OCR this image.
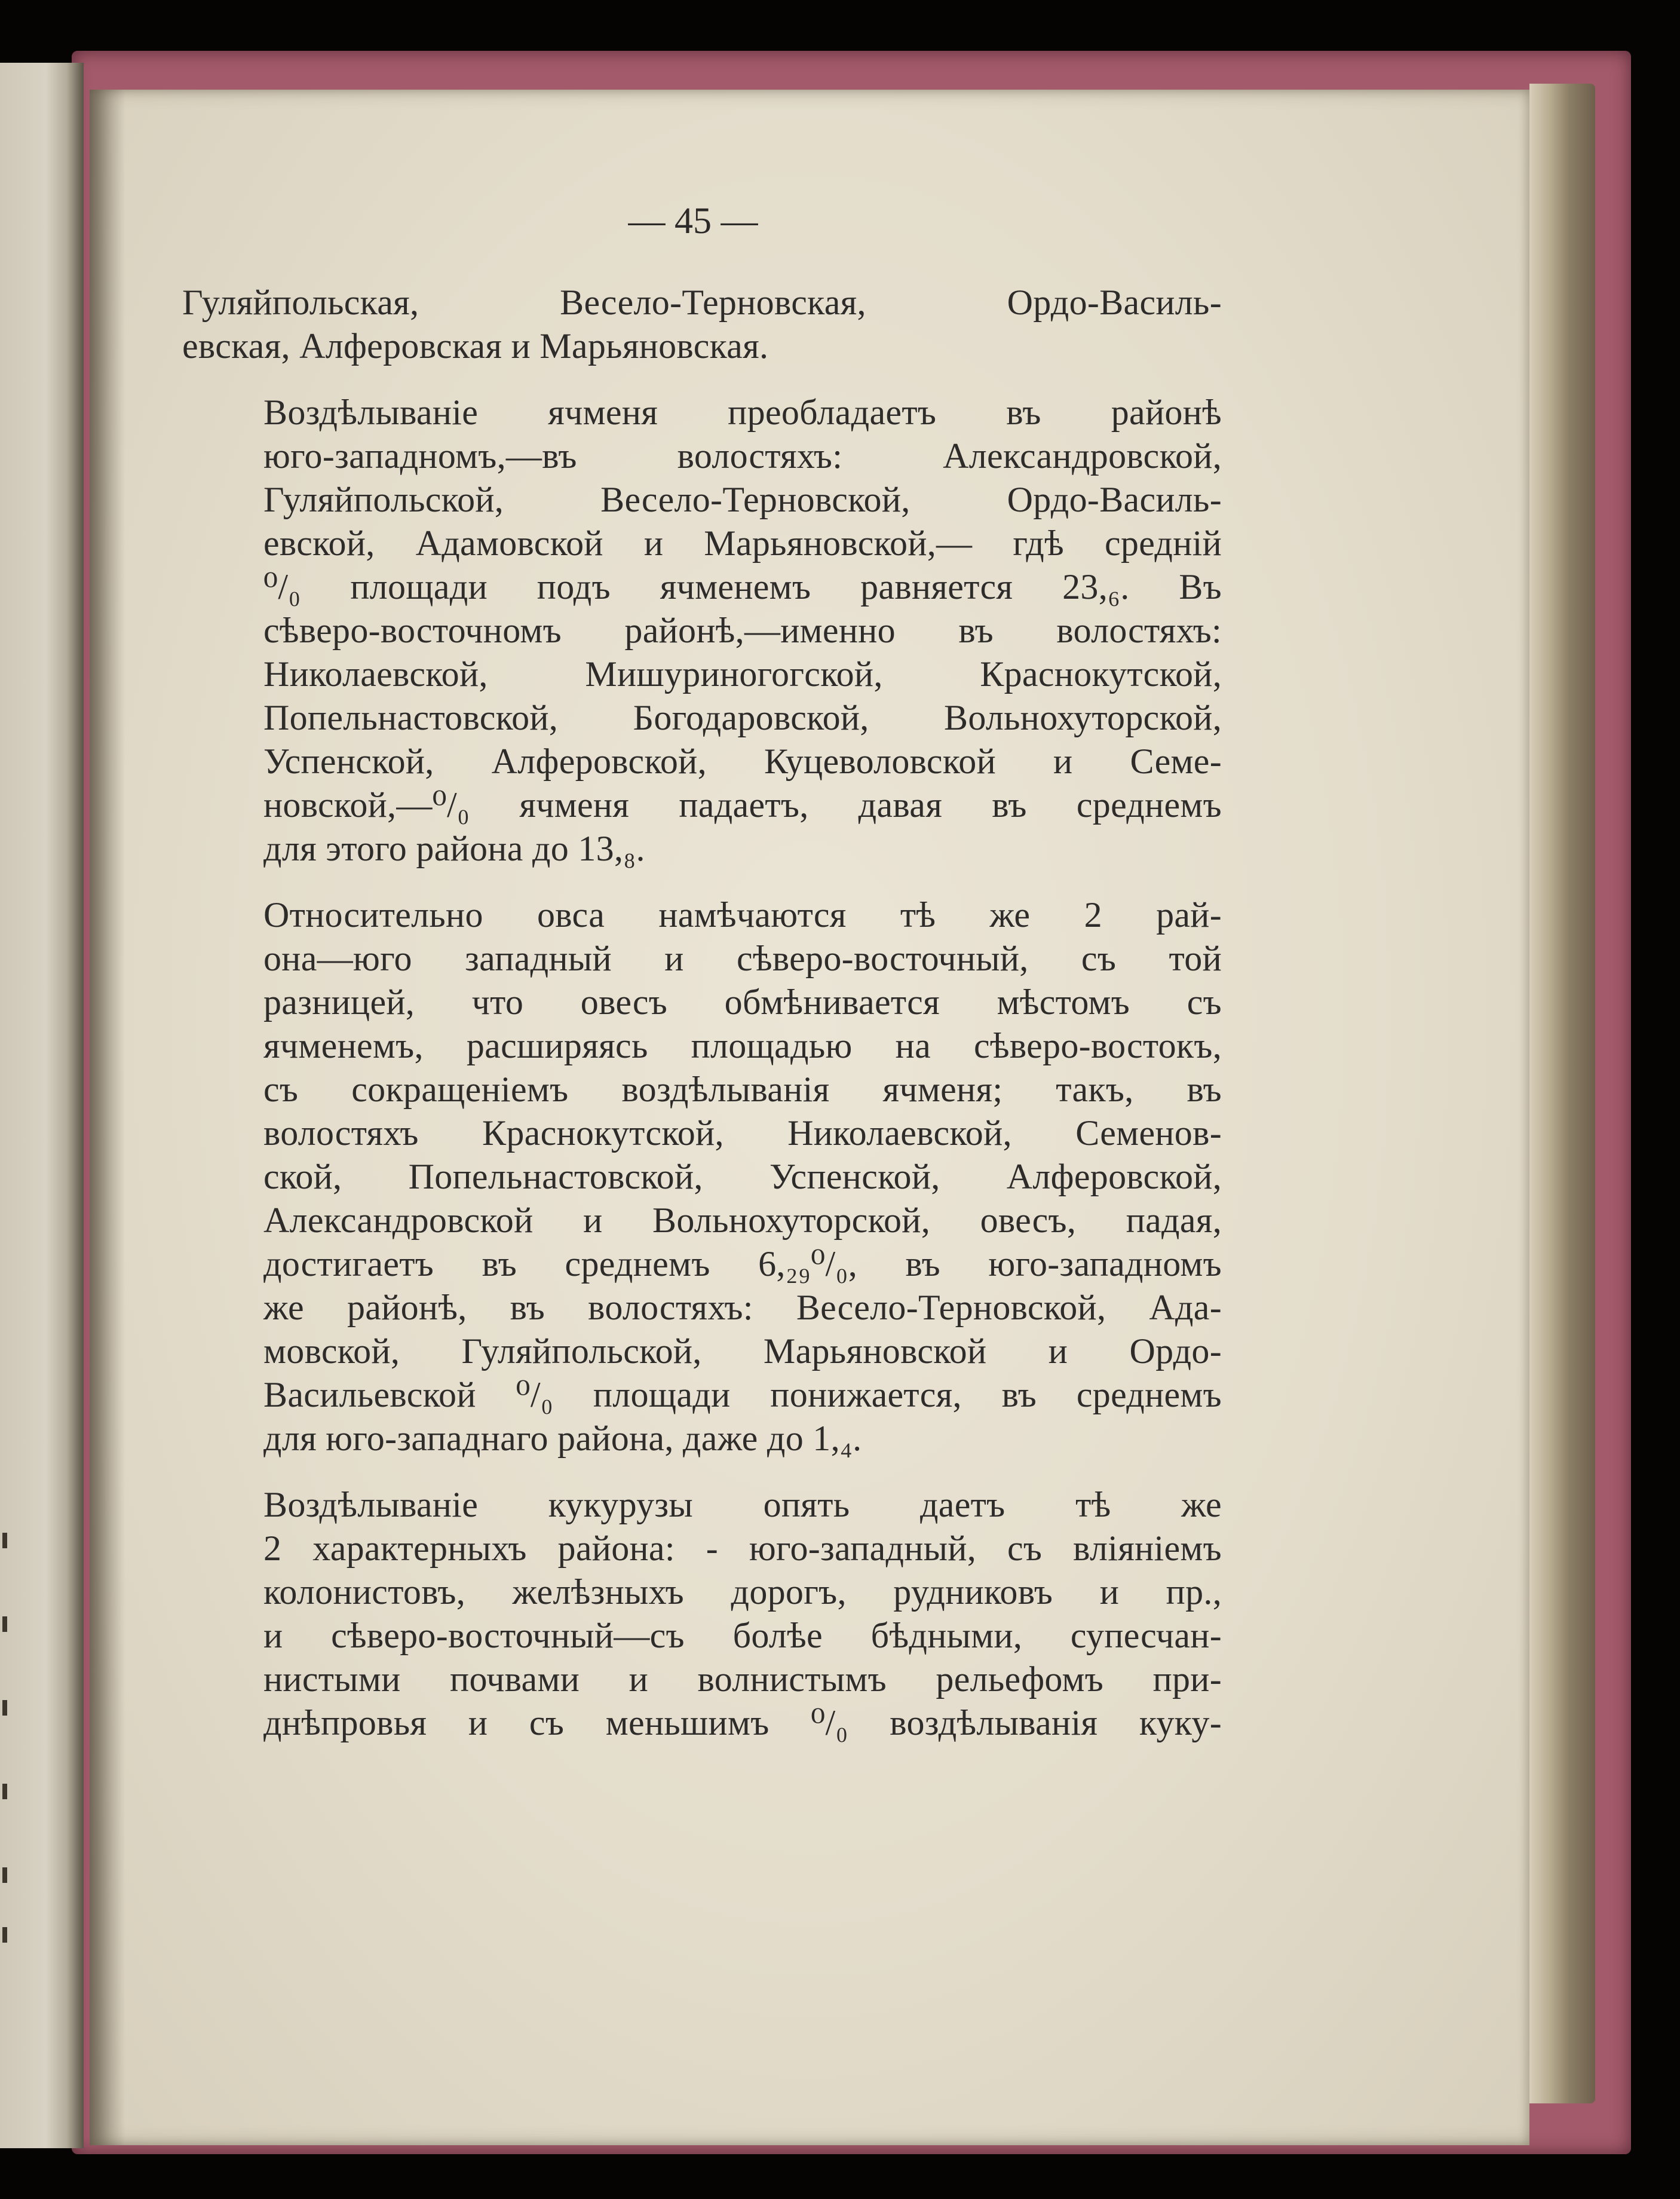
— 45 —
Гуляйпольская, Весело-Терновская, Ордо-Василь-
евская, Алферовская и Марьяновская.
Воздѣлываніе ячменя преобладаетъ въ районѣ
юго-западномъ,—въ волостяхъ: Александровской,
Гуляйпольской, Весело-Терновской, Ордо-Василь-
евской, Адамовской и Марьяновской,— гдѣ средній
⁰/₀ площади подъ ячменемъ равняется 23,₆. Въ
сѣверо-восточномъ районѣ,—именно въ волостяхъ:
Николаевской, Мишуриногогской, Краснокутской,
Попельнастовской, Богодаровской, Вольнохуторской,
Успенской, Алферовской, Куцеволовской и Семе-
новской,—⁰/₀ ячменя падаетъ, давая въ среднемъ
для этого района до 13,₈.
Относительно овса намѣчаются тѣ же 2 рай-
она—юго западный и сѣверо-восточный, съ той
разницей, что овесъ обмѣнивается мѣстомъ съ
ячменемъ, расширяясь площадью на сѣверо-востокъ,
съ сокращеніемъ воздѣлыванія ячменя; такъ, въ
волостяхъ Краснокутской, Николаевской, Семенов-
ской, Попельнастовской, Успенской, Алферовской,
Александровской и Вольнохуторской, овесъ, падая,
достигаетъ въ среднемъ 6,₂₉⁰/₀, въ юго-западномъ
же районѣ, въ волостяхъ: Весело-Терновской, Ада-
мовской, Гуляйпольской, Марьяновской и Ордо-
Васильевской ⁰/₀ площади понижается, въ среднемъ
для юго-западнаго района, даже до 1,₄.
Воздѣлываніе кукурузы опять даетъ тѣ же
2 характерныхъ района: - юго-западный, съ вліяніемъ
колонистовъ, желѣзныхъ дорогъ, рудниковъ и пр.,
и сѣверо-восточный—съ болѣе бѣдными, супесчан-
нистыми почвами и волнистымъ рельефомъ при-
днѣпровья и съ меньшимъ ⁰/₀ воздѣлыванія куку-
